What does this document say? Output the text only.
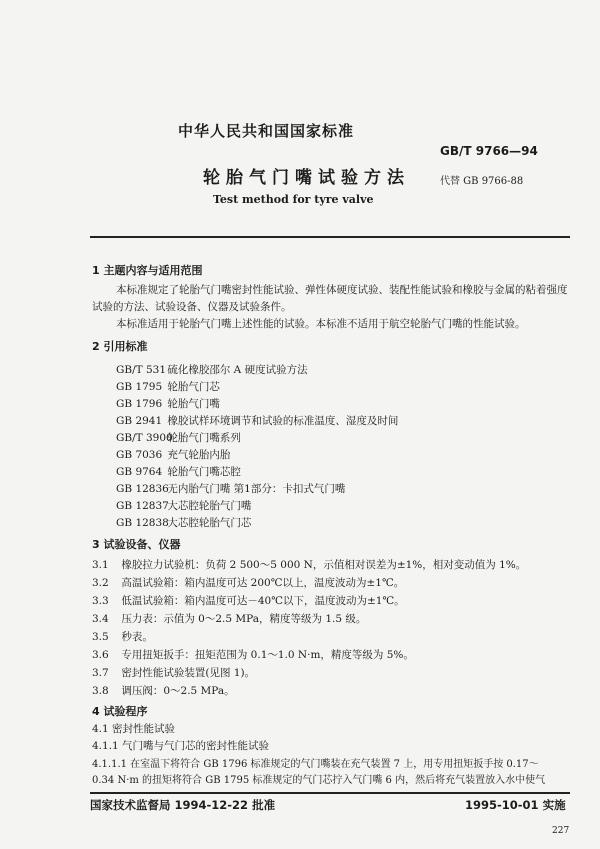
中华人民共和国国家标准
GB/T 9766—94
轮胎气门嘴试验方法	代替 GB 9766-88
Test method for tyre valve
1 主题内容与适用范围
本标准规定了轮胎气门嘴密封性能试验、弹性体硬度试验、装配性能试验和橡胶与金属的粘着强度
试验的方法、试验设备、仪器及试验条件。
本标准适用于轮胎气门嘴上述性能的试验。本标准不适用于航空轮胎气门嘴的性能试验。
2 引用标准
GB/T 531 硫化橡胶邵尔 A 硬度试验方法
GB 1795 轮胎气门芯
GB 1796 轮胎气门嘴
GB 2941 橡胶试样环境调节和试验的标准温度、湿度及时间
GB/T 3900 轮胎气门嘴系列
GB 7036 充气轮胎内胎
GB 9764 轮胎气门嘴芯腔
GB 12836 无内胎气门嘴 第1部分：卡扣式气门嘴
GB 12837 大芯腔轮胎气门嘴
GB 12838 大芯腔轮胎气门芯
3 试验设备、仪器
3.1 橡胶拉力试验机：负荷 2 500～5 000 N，示值相对误差为±1%，相对变动值为 1%。
3.2 高温试验箱：箱内温度可达 200℃以上，温度波动为±1℃。
3.3 低温试验箱：箱内温度可达－40℃以下，温度波动为±1℃。
3.4 压力表：示值为 0～2.5 MPa，精度等级为 1.5 级。
3.5 秒表。
3.6 专用扭矩扳手：扭矩范围为 0.1～1.0 N·m，精度等级为 5%。
3.7 密封性能试验装置(见图 1)。
3.8 调压阀：0～2.5 MPa。
4 试验程序
4.1 密封性能试验
4.1.1 气门嘴与气门芯的密封性能试验
4.1.1.1 在室温下将符合 GB 1796 标准规定的气门嘴装在充气装置 7 上，用专用扭矩扳手按 0.17～
0.34 N·m 的扭矩将符合 GB 1795 标准规定的气门芯拧入气门嘴 6 内，然后将充气装置放入水中使气
国家技术监督局 1994-12-22 批准	1995-10-01 实施
227
